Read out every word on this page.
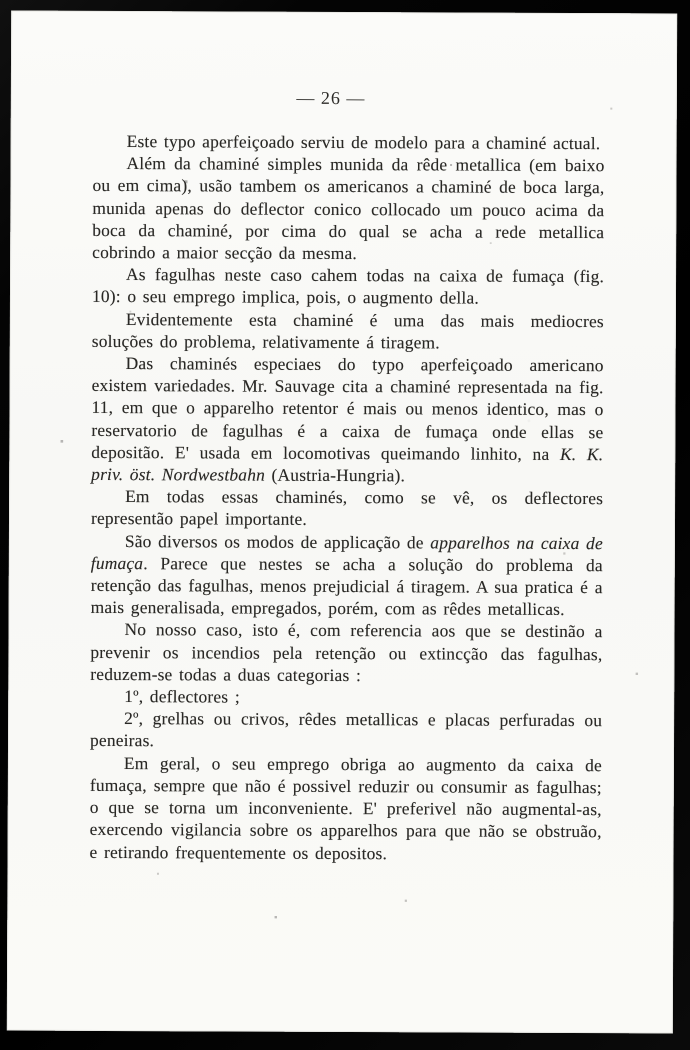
— 26 —

Este typo aperfeiçoado serviu de modelo para a chaminé actual.

Além da chaminé simples munida da rêde metallica (em baixo ou em cima), usão tambem os americanos a chaminé de boca larga, munida apenas do deflector conico collocado um pouco acima da boca da chaminé, por cima do qual se acha a rede metallica cobrindo a maior secção da mesma.

As fagulhas neste caso cahem todas na caixa de fumaça (fig. 10): o seu emprego implica, pois, o augmento della.

Evidentemente esta chaminé é uma das mais mediocres soluções do problema, relativamente á tiragem.

Das chaminés especiaes do typo aperfeiçoado americano existem variedades. Mr. Sauvage cita a chaminé representada na fig. 11, em que o apparelho retentor é mais ou menos identico, mas o reservatorio de fagulhas é a caixa de fumaça onde ellas se depositão. E' usada em locomotivas queimando linhito, na K. K. priv. öst. Nordwestbahn (Austria-Hungria).

Em todas essas chaminés, como se vê, os deflectores representão papel importante.

São diversos os modos de applicação de apparelhos na caixa de fumaça. Parece que nestes se acha a solução do problema da retenção das fagulhas, menos prejudicial á tiragem. A sua pratica é a mais generalisada, empregados, porém, com as rêdes metallicas.

No nosso caso, isto é, com referencia aos que se destinão a prevenir os incendios pela retenção ou extincção das fagulhas, reduzem-se todas a duas categorias :

1º, deflectores ;

2º, grelhas ou crivos, rêdes metallicas e placas perfuradas ou peneiras.

Em geral, o seu emprego obriga ao augmento da caixa de fumaça, sempre que não é possivel reduzir ou consumir as fagulhas; o que se torna um inconveniente. E' preferivel não augmental-as, exercendo vigilancia sobre os apparelhos para que não se obstruão, e retirando frequentemente os depositos.
